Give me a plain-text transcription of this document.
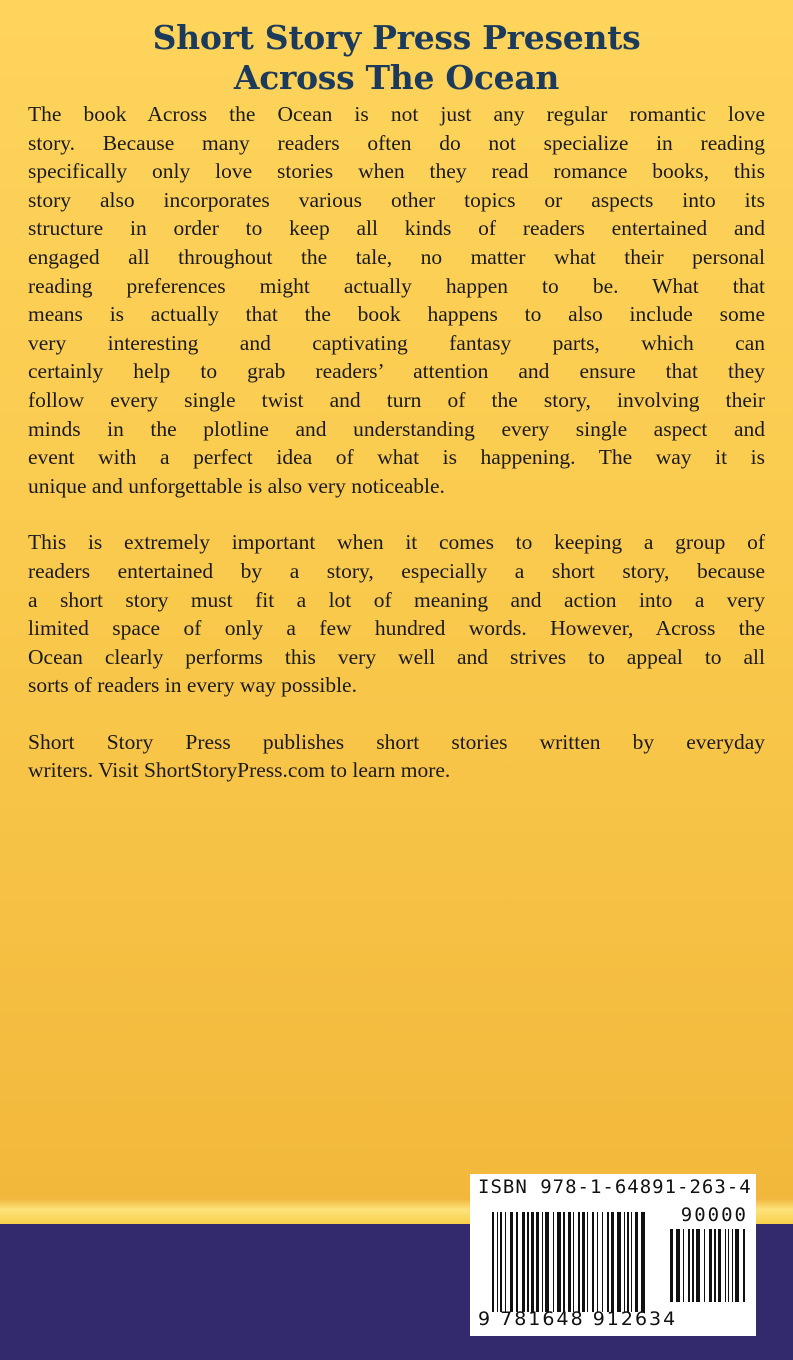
Short Story Press Presents
Across The Ocean
The book Across the Ocean is not just any regular romantic love
story. Because many readers often do not specialize in reading
specifically only love stories when they read romance books, this
story also incorporates various other topics or aspects into its
structure in order to keep all kinds of readers entertained and
engaged all throughout the tale, no matter what their personal
reading preferences might actually happen to be. What that
means is actually that the book happens to also include some
very interesting and captivating fantasy parts, which can
certainly help to grab readers’ attention and ensure that they
follow every single twist and turn of the story, involving their
minds in the plotline and understanding every single aspect and
event with a perfect idea of what is happening. The way it is
unique and unforgettable is also very noticeable.
This is extremely important when it comes to keeping a group of
readers entertained by a story, especially a short story, because
a short story must fit a lot of meaning and action into a very
limited space of only a few hundred words. However, Across the
Ocean clearly performs this very well and strives to appeal to all
sorts of readers in every way possible.
Short Story Press publishes short stories written by everyday
writers. Visit ShortStoryPress.com to learn more.
ISBN 978-1-64891-263-4
90000
9 781648 912634
